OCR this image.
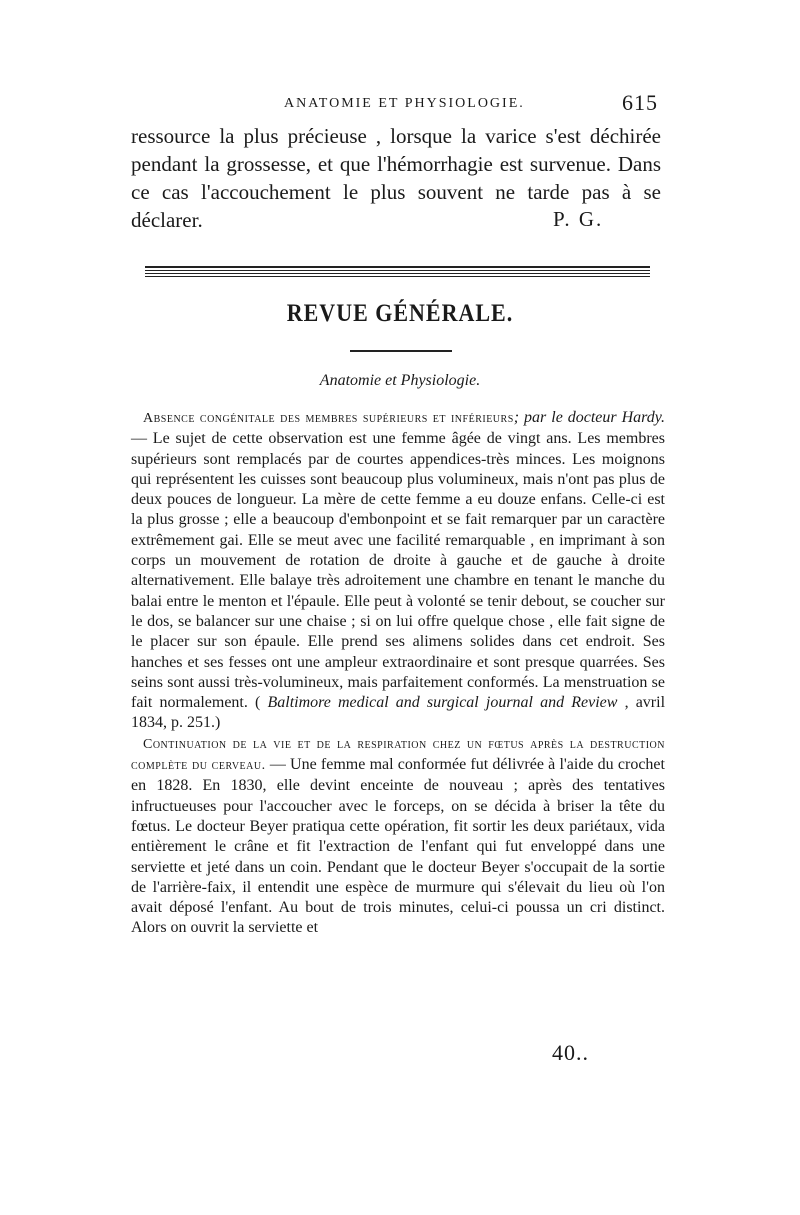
ANATOMIE ET PHYSIOLOGIE.	615

ressource la plus précieuse , lorsque la varice s'est déchirée pendant la grossesse, et que l'hémorrhagie est survenue. Dans ce cas l'accouchement le plus souvent ne tarde pas à se déclarer.	P. G.
REVUE GÉNÉRALE.
Anatomie et Physiologie.

Absence congénitale des membres supérieurs et inférieurs; par le docteur Hardy. — Le sujet de cette observation est une femme âgée de vingt ans. Les membres supérieurs sont remplacés par de courtes appendices-très minces. Les moignons qui représentent les cuisses sont beaucoup plus volumineux, mais n'ont pas plus de deux pouces de longueur. La mère de cette femme a eu douze enfans. Celle-ci est la plus grosse ; elle a beaucoup d'embonpoint et se fait remarquer par un caractère extrêmement gai. Elle se meut avec une facilité remarquable , en imprimant à son corps un mouvement de rotation de droite à gauche et de gauche à droite alternativement. Elle balaye très adroitement une chambre en tenant le manche du balai entre le menton et l'épaule. Elle peut à volonté se tenir debout, se coucher sur le dos, se balancer sur une chaise ; si on lui offre quelque chose , elle fait signe de le placer sur son épaule. Elle prend ses alimens solides dans cet endroit. Ses hanches et ses fesses ont une ampleur extraordinaire et sont presque quarrées. Ses seins sont aussi très-volumineux, mais parfaitement conformés. La menstruation se fait normalement. ( Baltimore medical and surgical journal and Review , avril 1834, p. 251.)

Continuation de la vie et de la respiration chez un fœtus après la destruction complète du cerveau. — Une femme mal conformée fut délivrée à l'aide du crochet en 1828. En 1830, elle devint enceinte de nouveau ; après des tentatives infructueuses pour l'accoucher avec le forceps, on se décida à briser la tête du fœtus. Le docteur Beyer pratiqua cette opération, fit sortir les deux pariétaux, vida entièrement le crâne et fit l'extraction de l'enfant qui fut enveloppé dans une serviette et jeté dans un coin. Pendant que le docteur Beyer s'occupait de la sortie de l'arrière-faix, il entendit une espèce de murmure qui s'élevait du lieu où l'on avait déposé l'enfant. Au bout de trois minutes, celui-ci poussa un cri distinct. Alors on ouvrit la serviette et

40..
